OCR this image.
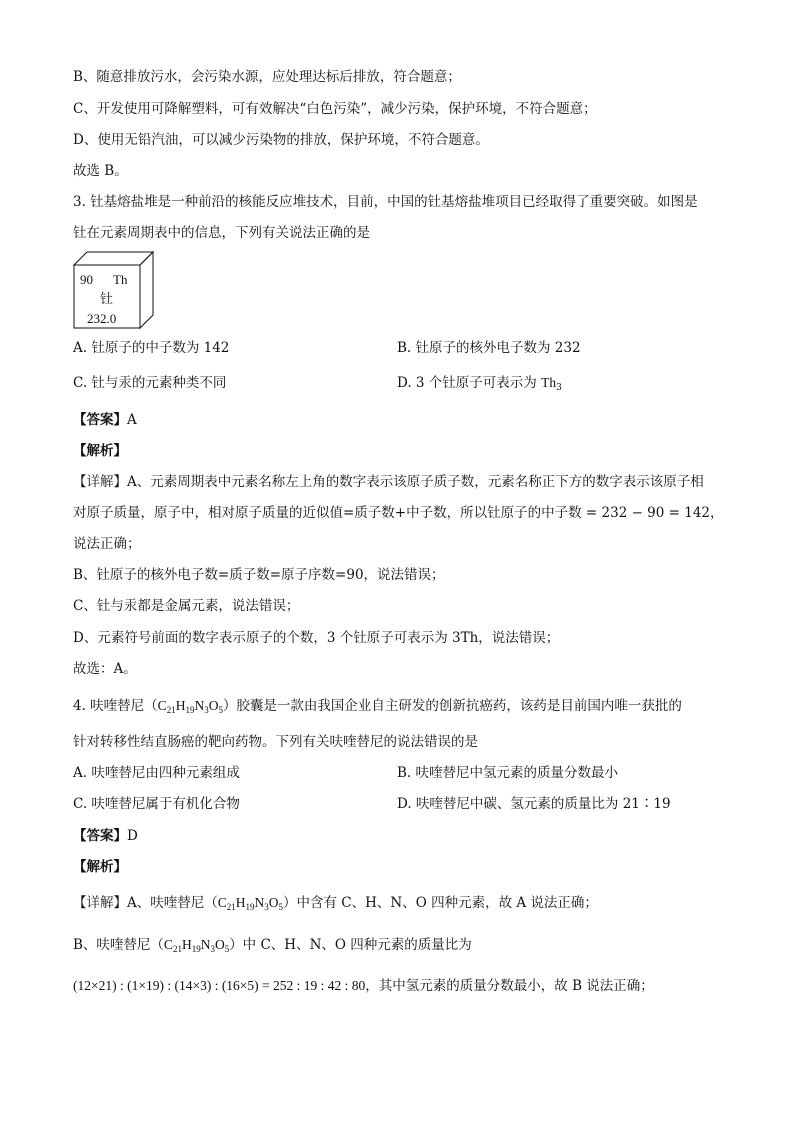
B、随意排放污水，会污染水源，应处理达标后排放，符合题意；
C、开发使用可降解塑料，可有效解决“白色污染”，减少污染，保护环境，不符合题意；
D、使用无铅汽油，可以减少污染物的排放，保护环境，不符合题意。
故选 B。
3. 钍基熔盐堆是一种前沿的核能反应堆技术，目前，中国的钍基熔盐堆项目已经取得了重要突破。如图是
钍在元素周期表中的信息，下列有关说法正确的是
90 Th
钍
232.0
A. 钍原子的中子数为 142	B. 钍原子的核外电子数为 232
C. 钍与汞的元素种类不同	D. 3 个钍原子可表示为 $Th_3$
【答案】A
【解析】
【详解】A、元素周期表中元素名称左上角的数字表示该原子质子数，元素名称正下方的数字表示该原子相
对原子质量，原子中，相对原子质量的近似值=质子数+中子数，所以钍原子的中子数 = 232 − 90 = 142，
说法正确；
B、钍原子的核外电子数=质子数=原子序数=90，说法错误；
C、钍与汞都是金属元素，说法错误；
D、元素符号前面的数字表示原子的个数，3 个钍原子可表示为 3Th，说法错误；
故选：A。
4. 呋喹替尼$(C_{21}H_{19}N_3O_5)$胶囊是一款由我国企业自主研发的创新抗癌药，该药是目前国内唯一获批的
针对转移性结直肠癌的靶向药物。下列有关呋喹替尼的说法错误的是
A. 呋喹替尼由四种元素组成	B. 呋喹替尼中氢元素的质量分数最小
C. 呋喹替尼属于有机化合物	D. 呋喹替尼中碳、氢元素的质量比为 21∶19
【答案】D
【解析】
【详解】A、呋喹替尼$(C_{21}H_{19}N_3O_5)$中含有 C、H、N、O 四种元素，故 A 说法正确；
B、呋喹替尼$(C_{21}H_{19}N_3O_5)$中 C、H、N、O 四种元素的质量比为
(12×21) : (1×19) : (14×3) : (16×5) = 252 : 19 : 42 : 80，其中氢元素的质量分数最小，故 B 说法正确；
